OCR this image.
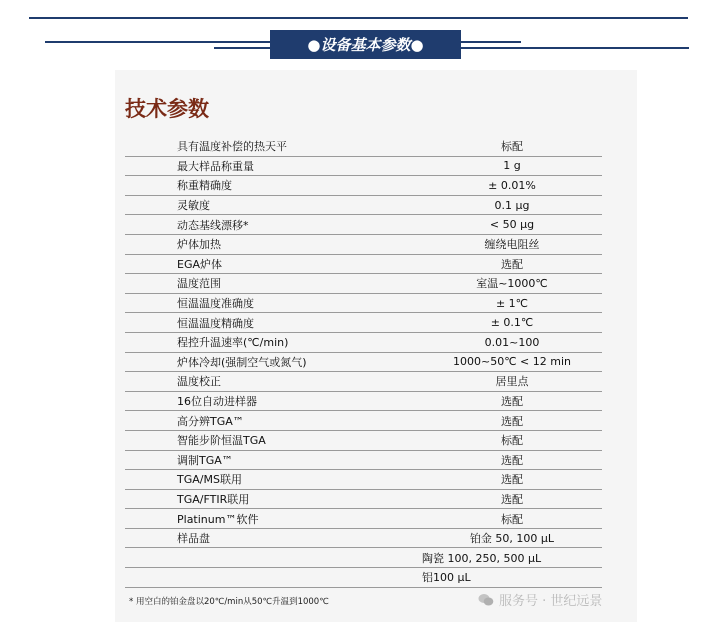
●设备基本参数●
技术参数
具有温度补偿的热天平	标配
最大样品称重量	1 g
称重精确度	± 0.01%
灵敏度	0.1 μg
动态基线漂移*	< 50 μg
炉体加热	缠绕电阻丝
EGA炉体	选配
温度范围	室温~1000℃
恒温温度准确度	± 1℃
恒温温度精确度	± 0.1℃
程控升温速率(℃/min)	0.01~100
炉体冷却(强制空气或氮气)	1000~50℃ < 12 min
温度校正	居里点
16位自动进样器	选配
高分辨TGA™	选配
智能步阶恒温TGA	标配
调制TGA™	选配
TGA/MS联用	选配
TGA/FTIR联用	选配
Platinum™软件	标配
样品盘	铂金 50, 100 μL
	陶瓷 100, 250, 500 μL
	铝100 μL
* 用空白的铂金盘以20℃/min从50℃升温到1000℃	服务号 · 世纪远景
